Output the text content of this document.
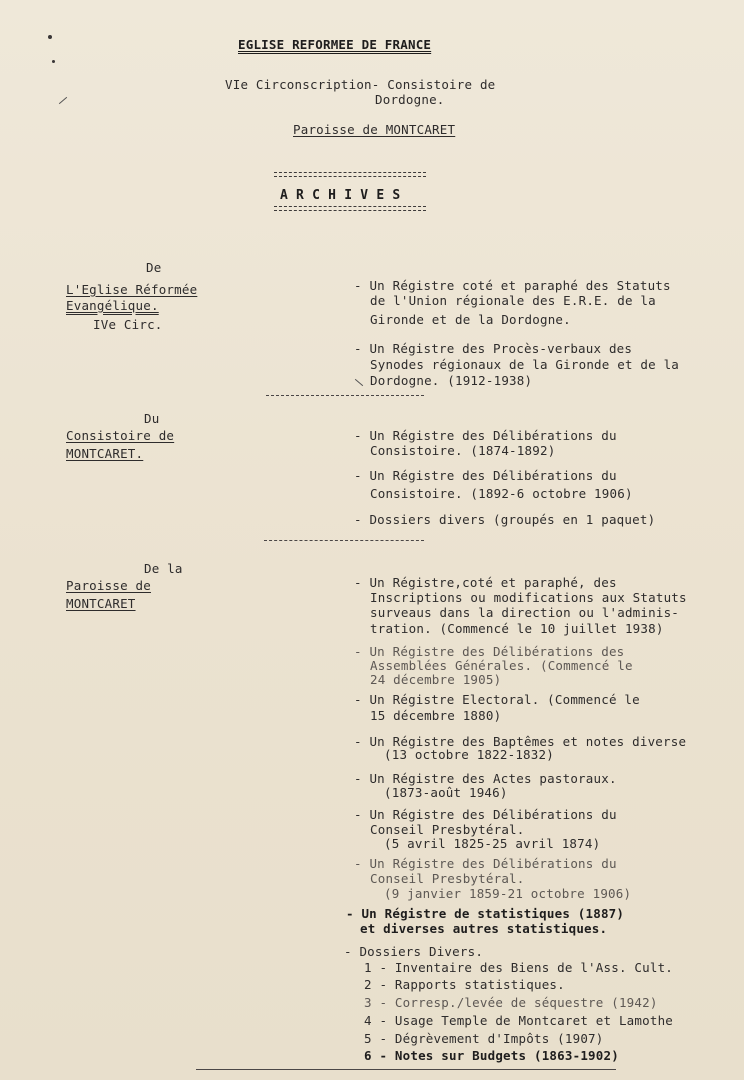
EGLISE REFORMEE DE FRANCE
VIe Circonscription- Consistoire de
Dordogne.
Paroisse de MONTCARET
A R C H I V E S
De
L'Eglise Réformée
Evangélique.
IVe Circ.
- Un Régistre coté et paraphé des Statuts
de l'Union régionale des E.R.E. de la
Gironde et de la Dordogne.
- Un Régistre des Procès-verbaux des
Synodes régionaux de la Gironde et de la
Dordogne. (1912-1938)
Du
Consistoire de
MONTCARET.
- Un Régistre des Délibérations du
Consistoire. (1874-1892)
- Un Régistre des Délibérations du
Consistoire. (1892-6 octobre 1906)
- Dossiers divers (groupés en 1 paquet)
De la
Paroisse de
MONTCARET
- Un Régistre,coté et paraphé, des
Inscriptions ou modifications aux Statuts
surveaus dans la direction ou l'adminis-
tration. (Commencé le 10 juillet 1938)
- Un Régistre des Délibérations des
Assemblées Générales. (Commencé le
24 décembre 1905)
- Un Régistre Electoral. (Commencé le
15 décembre 1880)
- Un Régistre des Baptêmes et notes diverse
(13 octobre 1822-1832)
- Un Régistre des Actes pastoraux.
(1873-août 1946)
- Un Régistre des Délibérations du
Conseil Presbytéral.
(5 avril 1825-25 avril 1874)
- Un Régistre des Délibérations du
Conseil Presbytéral.
(9 janvier 1859-21 octobre 1906)
- Un Régistre de statistiques (1887)
et diverses autres statistiques.
- Dossiers Divers.
1 - Inventaire des Biens de l'Ass. Cult.
2 - Rapports statistiques.
3 - Corresp./levée de séquestre (1942)
4 - Usage Temple de Montcaret et Lamothe
5 - Dégrèvement d'Impôts (1907)
6 - Notes sur Budgets (1863-1902)
